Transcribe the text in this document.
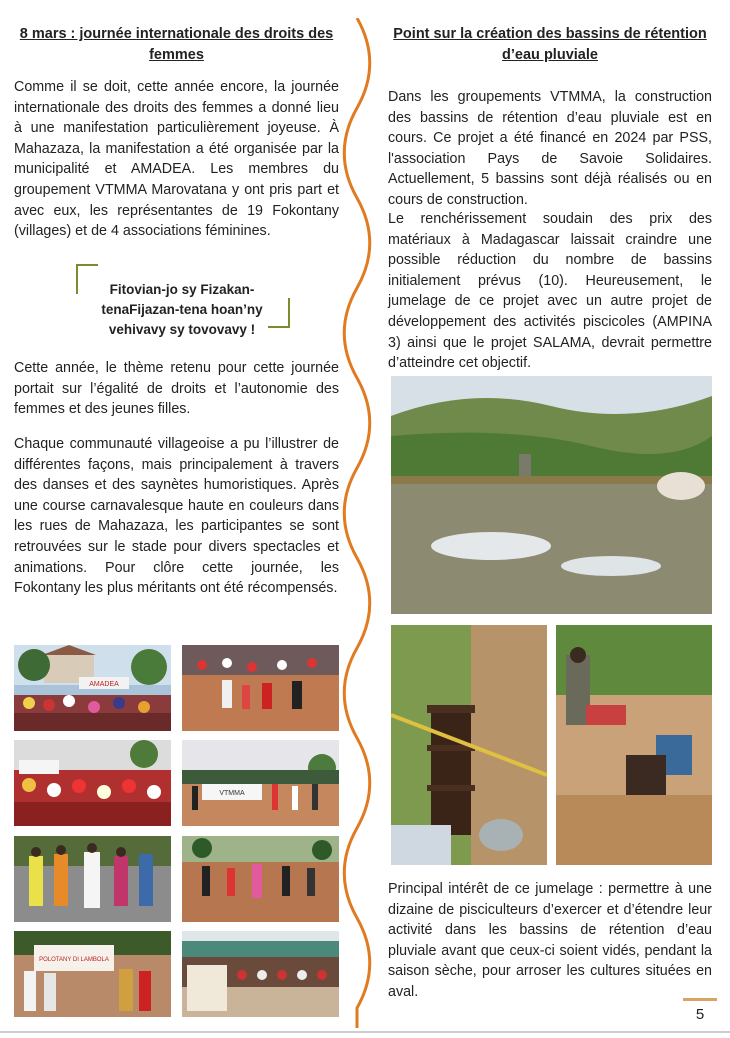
8 mars : journée internationale des droits des femmes

Comme il se doit, cette année encore, la journée internationale des droits des femmes a donné lieu à une manifestation particulièrement joyeuse. À Mahazaza, la manifestation a été organisée par la municipalité et AMADEA. Les membres du groupement VTMMA Marovatana y ont pris part et avec eux, les représentantes de 19 Fokontany (villages) et de 4 associations féminines.

Fitovian-jo sy Fizakan-tenaFijazan-tena hoan’ny vehivavy sy tovovavy !

Cette année, le thème retenu pour cette journée portait sur l’égalité de droits et l’autonomie des femmes et des jeunes filles.

Chaque communauté villageoise a pu l’illustrer de différentes façons, mais principalement à travers des danses et des saynètes humoristiques. Après une course carnavalesque haute en couleurs dans les rues de Mahazaza, les participantes se sont retrouvées sur le stade pour divers spectacles et animations. Pour clôre cette journée, les Fokontany les plus méritants ont été récompensés.

AMADEA
VTMMA
POLOTANY DI LAMBOLA
Point sur la création des bassins de rétention d’eau pluviale

Dans les groupements VTMMA, la construction des bassins de rétention d’eau pluviale est en cours. Ce projet a été financé en 2024 par PSS, l'association Pays de Savoie Solidaires. Actuellement, 5 bassins sont déjà réalisés ou en cours de construction.

Le renchérissement soudain des prix des matériaux à Madagascar laissait craindre une possible réduction du nombre de bassins initialement prévus (10). Heureusement, le jumelage de ce projet avec un autre projet de développement des activités piscicoles (AMPINA 3) ainsi que le projet SALAMA, devrait permettre d’atteindre cet objectif.

Principal intérêt de ce jumelage : permettre à une dizaine de pisciculteurs d’exercer et d’étendre leur activité dans les bassins de rétention d’eau pluviale avant que ceux-ci soient vidés, pendant la saison sèche, pour arroser les cultures situées en aval.

5
